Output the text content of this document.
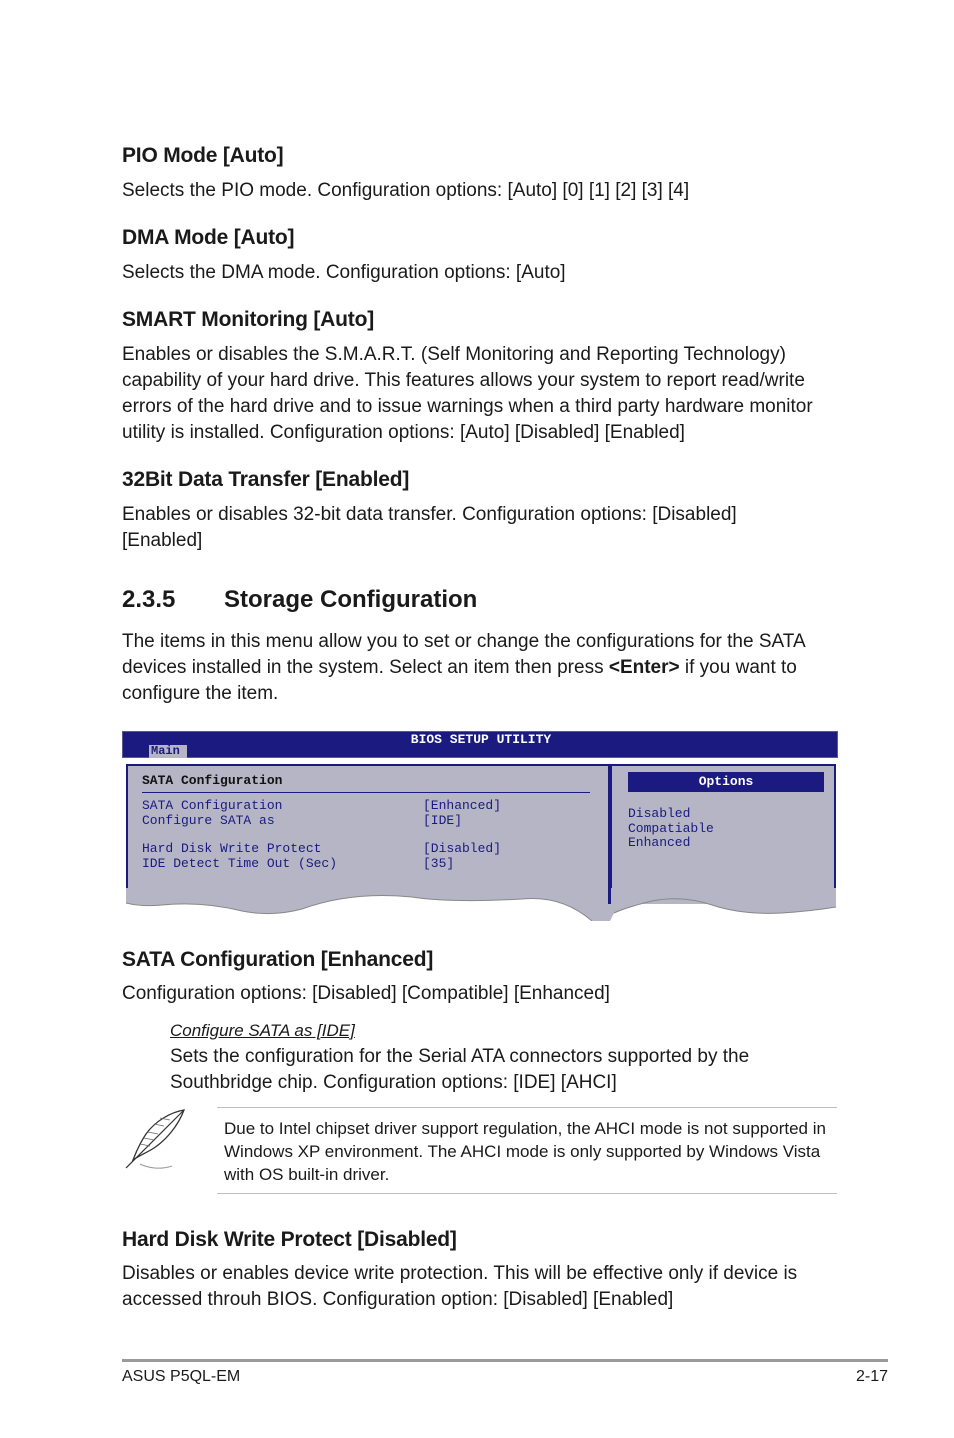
PIO Mode [Auto]
Selects the PIO mode. Configuration options: [Auto] [0] [1] [2] [3] [4]
DMA Mode [Auto]
Selects the DMA mode. Configuration options: [Auto]
SMART Monitoring [Auto]
Enables or disables the S.M.A.R.T. (Self Monitoring and Reporting Technology)
capability of your hard drive. This features allows your system to report read/write
errors of the hard drive and to issue warnings when a third party hardware monitor
utility is installed. Configuration options: [Auto] [Disabled] [Enabled]
32Bit Data Transfer [Enabled]
Enables or disables 32-bit data transfer. Configuration options: [Disabled]
[Enabled]
2.3.5 Storage Configuration
The items in this menu allow you to set or change the configurations for the SATA
devices installed in the system. Select an item then press <Enter> if you want to
configure the item.
BIOS SETUP UTILITY
Main
SATA Configuration
SATA Configuration	[Enhanced]
Configure SATA as	[IDE]
Hard Disk Write Protect	[Disabled]
IDE Detect Time Out (Sec)	[35]
Options
Disabled
Compatiable
Enhanced
SATA Configuration [Enhanced]
Configuration options: [Disabled] [Compatible] [Enhanced]
Configure SATA as [IDE]
Sets the configuration for the Serial ATA connectors supported by the
Southbridge chip. Configuration options: [IDE] [AHCI]
Due to Intel chipset driver support regulation, the AHCI mode is not supported in
Windows XP environment. The AHCI mode is only supported by Windows Vista
with OS built-in driver.
Hard Disk Write Protect [Disabled]
Disables or enables device write protection. This will be effective only if device is
accessed throuh BIOS. Configuration option: [Disabled] [Enabled]
ASUS P5QL-EM	2-17
